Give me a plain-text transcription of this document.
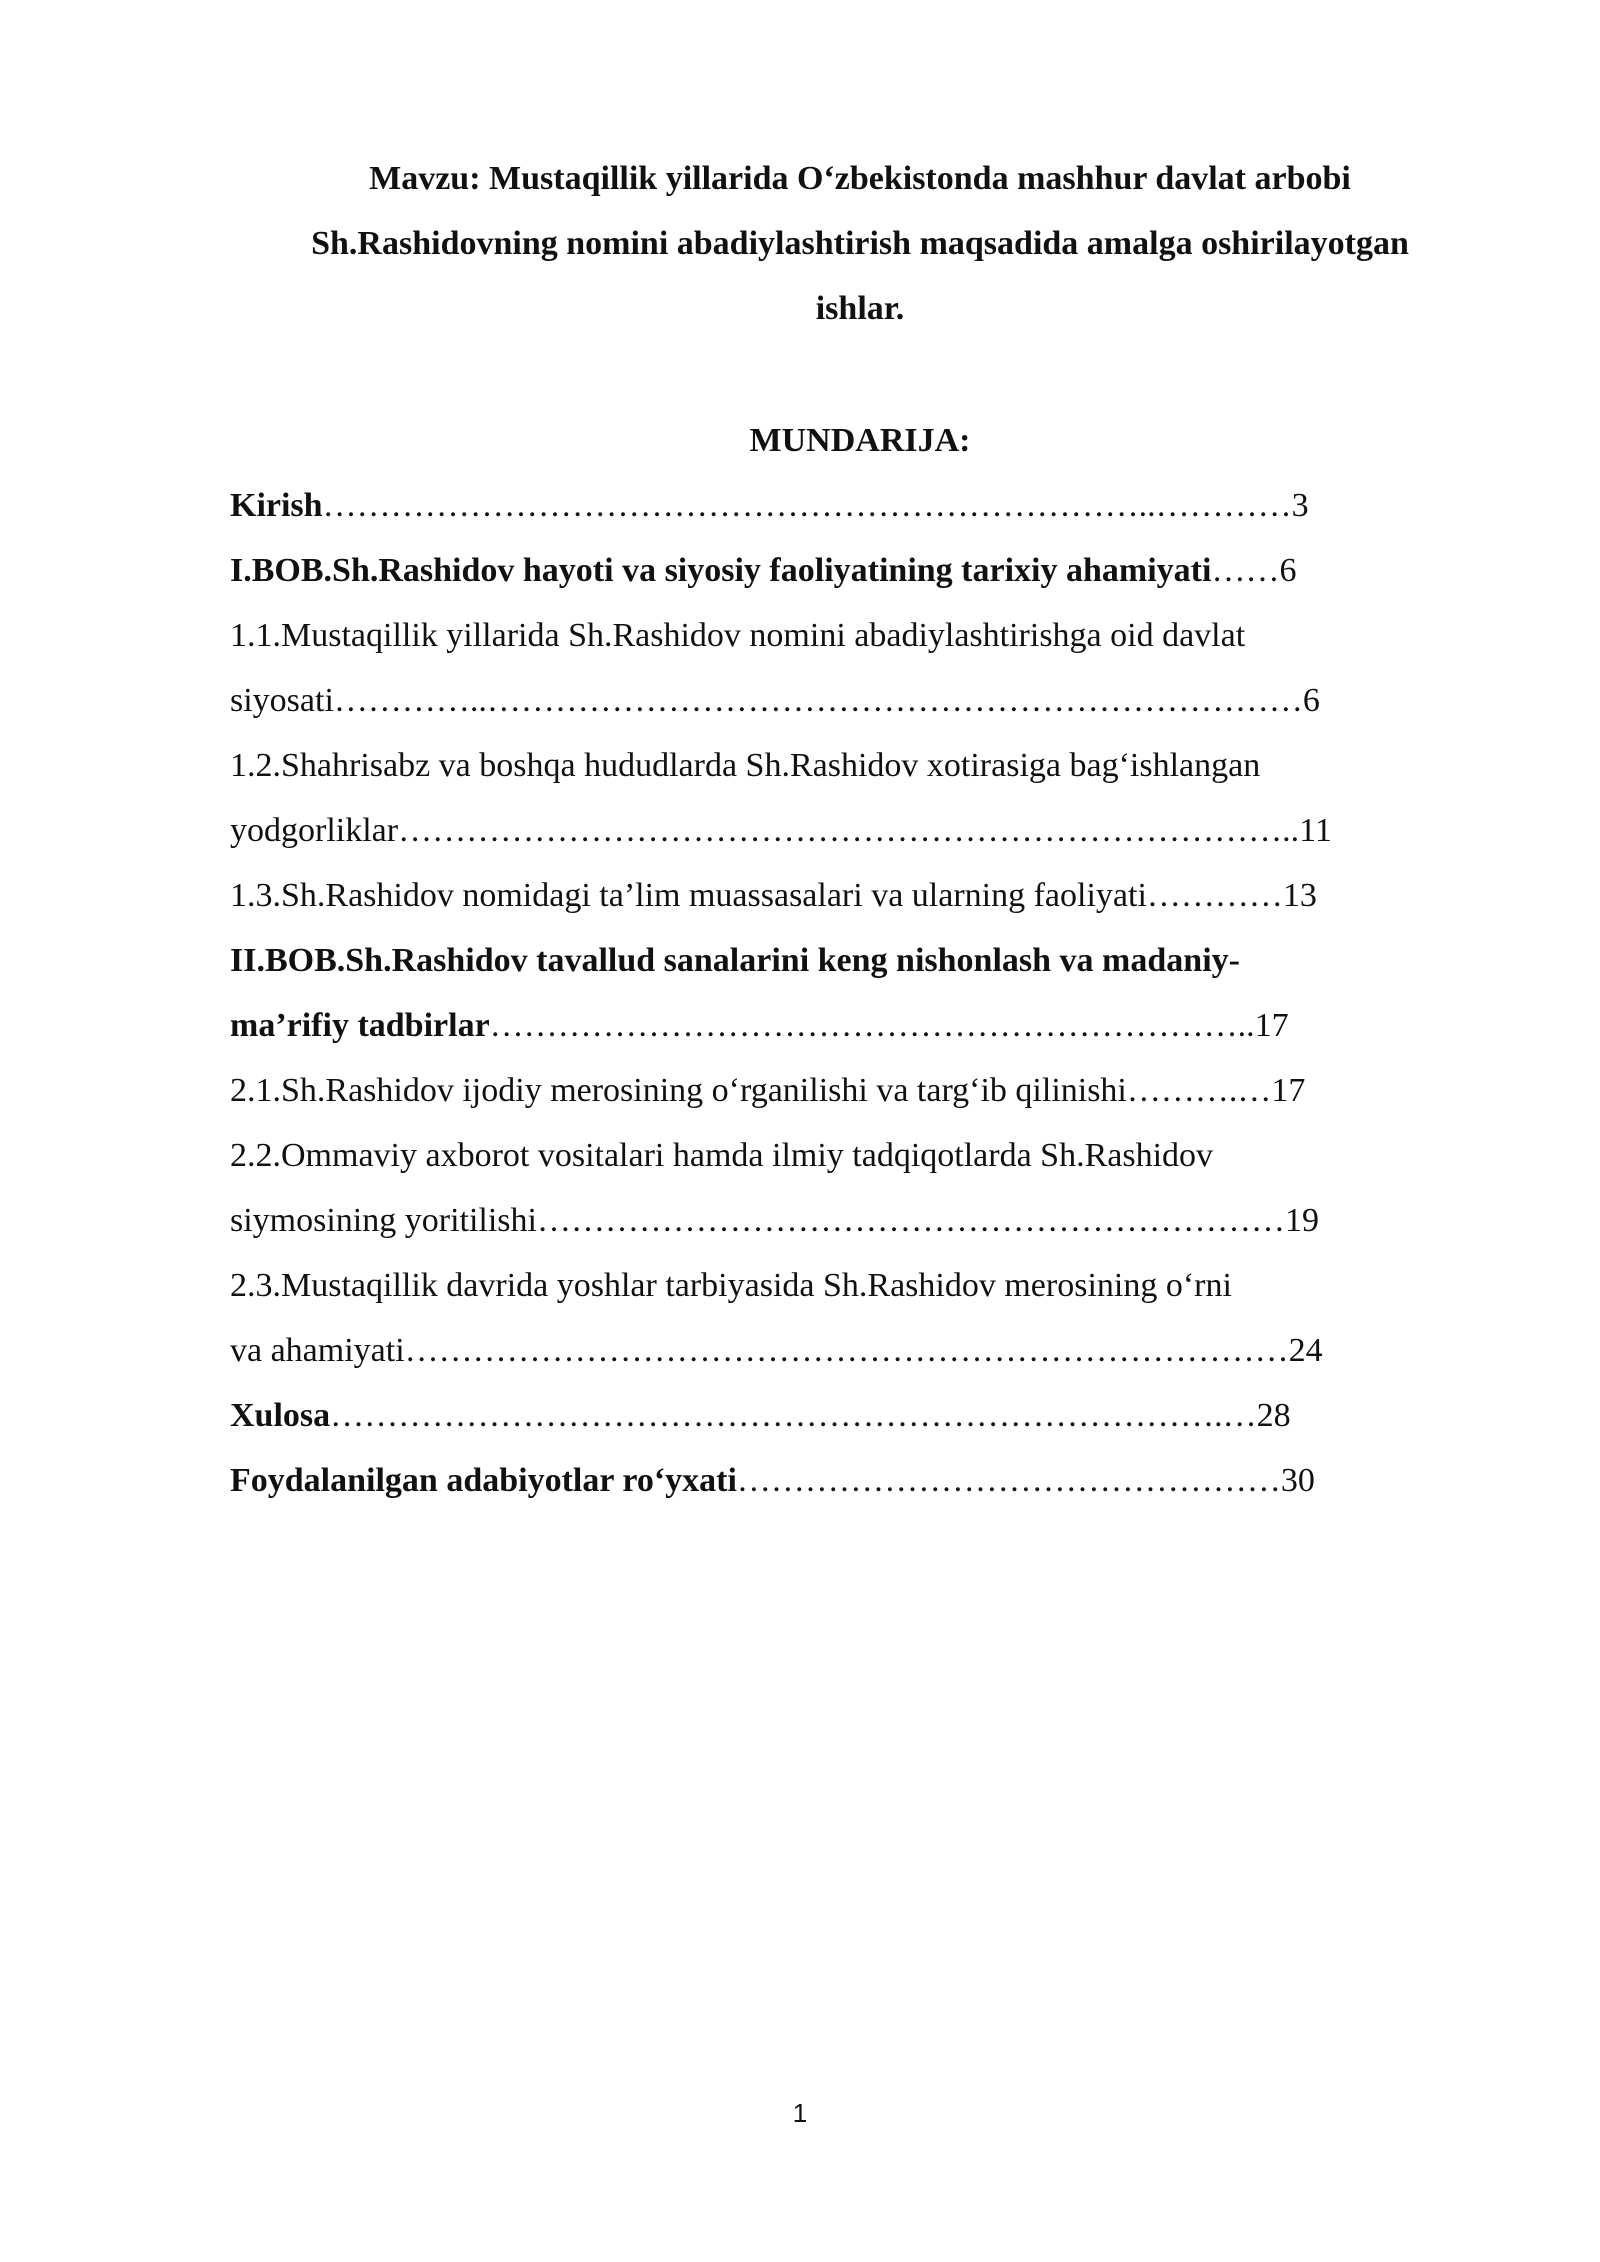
Mavzu: Mustaqillik yillarida O‘zbekistonda mashhur davlat arbobi
Sh.Rashidovning nomini abadiylashtirish maqsadida amalga oshirilayotgan
ishlar.
MUNDARIJA:
Kirish………………………………………………………………..…………3
I.BOB.Sh.Rashidov hayoti va siyosiy faoliyatining tarixiy ahamiyati……6
1.1.Mustaqillik yillarida Sh.Rashidov nomini abadiylashtirishga oid davlat
siyosati…………..………………………………………………………………6
1.2.Shahrisabz va boshqa hududlarda Sh.Rashidov xotirasiga bag‘ishlangan
yodgorliklar……………………………………………………………………..11
1.3.Sh.Rashidov nomidagi ta’lim muassasalari va ularning faoliyati…………13
II.BOB.Sh.Rashidov tavallud sanalarini keng nishonlash va madaniy-
ma’rifiy tadbirlar…………………………………………………………..17
2.1.Sh.Rashidov ijodiy merosining o‘rganilishi va targ‘ib qilinishi……….…17
2.2.Ommaviy axborot vositalari hamda ilmiy tadqiqotlarda Sh.Rashidov
siymosining yoritilishi…………………………………………………………19
2.3.Mustaqillik davrida yoshlar tarbiyasida Sh.Rashidov merosining o‘rni
va ahamiyati……………………………………………………………………24
Xulosa…………………………………………………………………….…28
Foydalanilgan adabiyotlar ro‘yxati…………………………………………30
1
